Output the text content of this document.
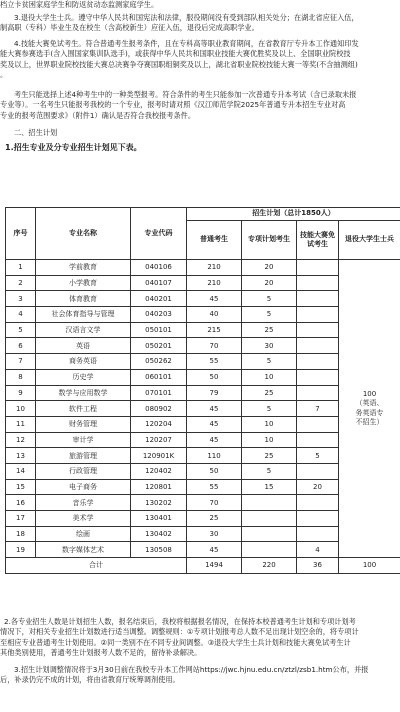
档立卡贫困家庭学生和防返贫动态监测家庭学生。
3.退役大学生士兵。遵守中华人民共和国宪法和法律，服役期间没有受到部队相关处分；在湖北省应征入伍，
制高职（专科）毕业生及在校生（含高校新生）应征入伍，退役后完成高职学业。
4.技能大赛免试考生。符合普通考生报考条件，且在专科高等职业教育期间，在省教育厅专升本工作通知印发
能大赛参赛选手(含入围国家集训队选手)，或获得中华人民共和国职业技能大赛优胜奖及以上、全国职业院校技
奖及以上，世界职业院校技能大赛总决赛争夺赛国职组铜奖及以上，湖北省职业院校技能大赛一等奖(不含抽测组)
。
考生只能选择上述4种考生中的一种类型报考。符合条件的考生只能参加一次普通专升本考试（含已录取未报
专业等）。一名考生只能报考我校的一个专业，报考时请对照《汉江师范学院2025年普通专升本招生专业对高
专业的报考范围要求》（附件1）确认是否符合我校报考条件。
二、招生计划
1.招生专业及分专业招生计划见下表。
序号	专业名称	专业代码	招生计划（总计1850人）			
			普通考生	专项计划考生	技能大赛免试考生	退役大学生士兵
1	学前教育	040106	210	20		100
（英语、
务英语专
不招生）

2	小学教育	040107	210	20		
3	体育教育	040201	45	5		
4	社会体育指导与管理	040203	40	5		
5	汉语言文学	050101	215	25		
6	英语	050201	70	30		
7	商务英语	050262	55	5		
8	历史学	060101	50	10		
9	数学与应用数学	070101	79	25		
10	软件工程	080902	45	5	7	
11	财务管理	120204	45	10		
12	审计学	120207	45	10		
13	旅游管理	120901K	110	25	5	
14	行政管理	120402	50	5		
15	电子商务	120801	55	15	20	
16	音乐学	130202	70			
17	美术学	130401	25			
18	绘画	130402	30			
19	数字媒体艺术	130508	45		4	
合计			1494	220	36	100
2.各专业招生人数是计划招生人数，报名结束后，我校将根据报名情况，在保持本校普通考生计划和专项计划考
情况下，对相关专业招生计划数进行适当调整。调整规则：①专项计划报考总人数不足出现计划空余的，将专项计
至相应专业普通考生计划使用。②同一类别不在不同专业间调整。③退役大学生士兵计划和技能大赛免试考生计
其他类别使用，普通考生计划报考人数不足的，留待补录解决。
3.招生计划调整情况将于3月30日前在我校专升本工作网站https://jwc.hjnu.edu.cn/ztzl/zsb1.htm公布，并报
后，补录仍完不成的计划，将由省教育厅统筹调剂使用。
